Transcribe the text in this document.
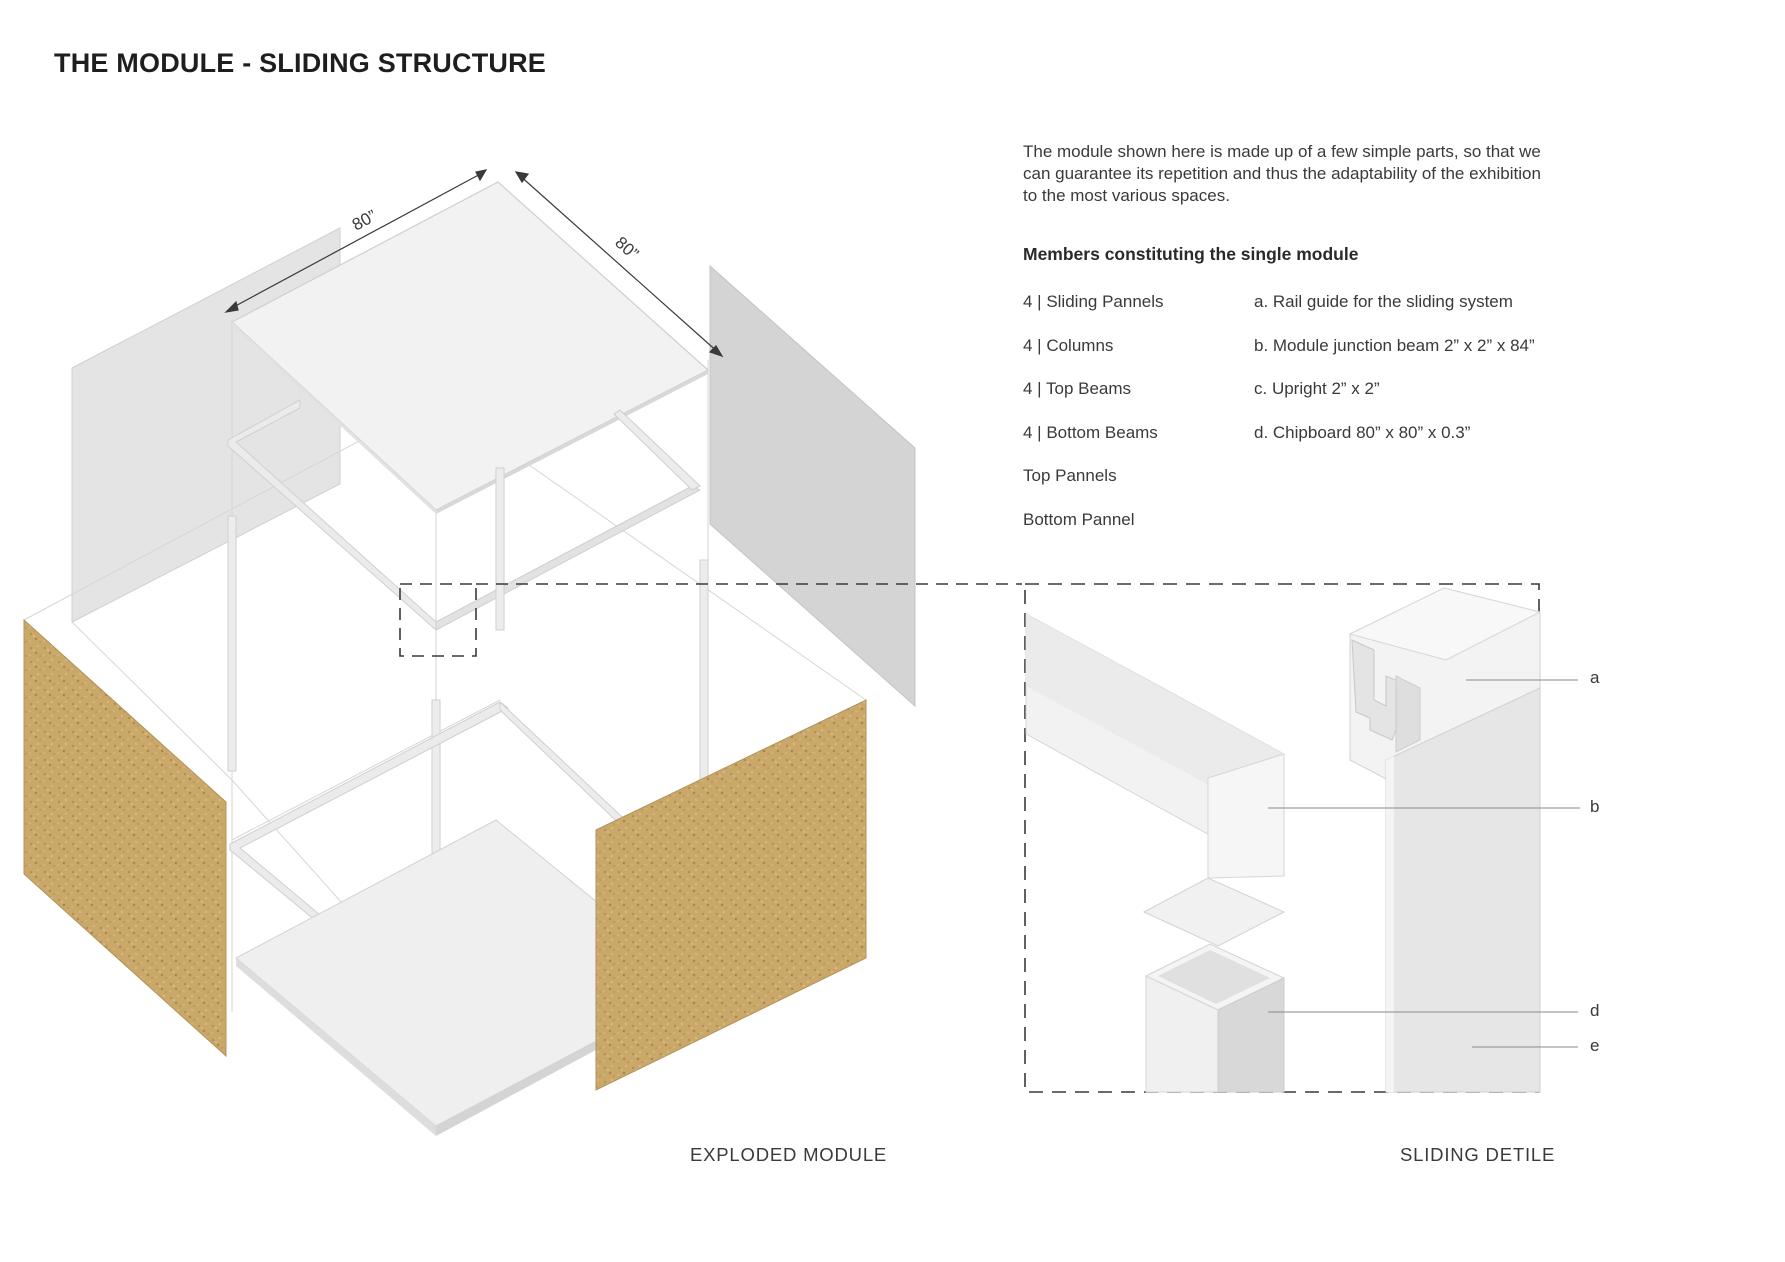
THE MODULE - SLIDING STRUCTURE
The module shown here is made up of a few simple parts, so that we can guarantee its repetition and thus the adaptability of the exhibition to the most various spaces.
Members constituting the single module
4 | Sliding Pannels
4 | Columns
4 | Top Beams
4 | Bottom Beams
Top Pannels
Bottom Pannel
a. Rail guide for the sliding system
b. Module junction beam 2” x 2” x 84”
c. Upright 2” x 2”
d. Chipboard 80” x 80” x 0.3”
80”
80”
a
b
d
e
EXPLODED MODULE	SLIDING DETILE
